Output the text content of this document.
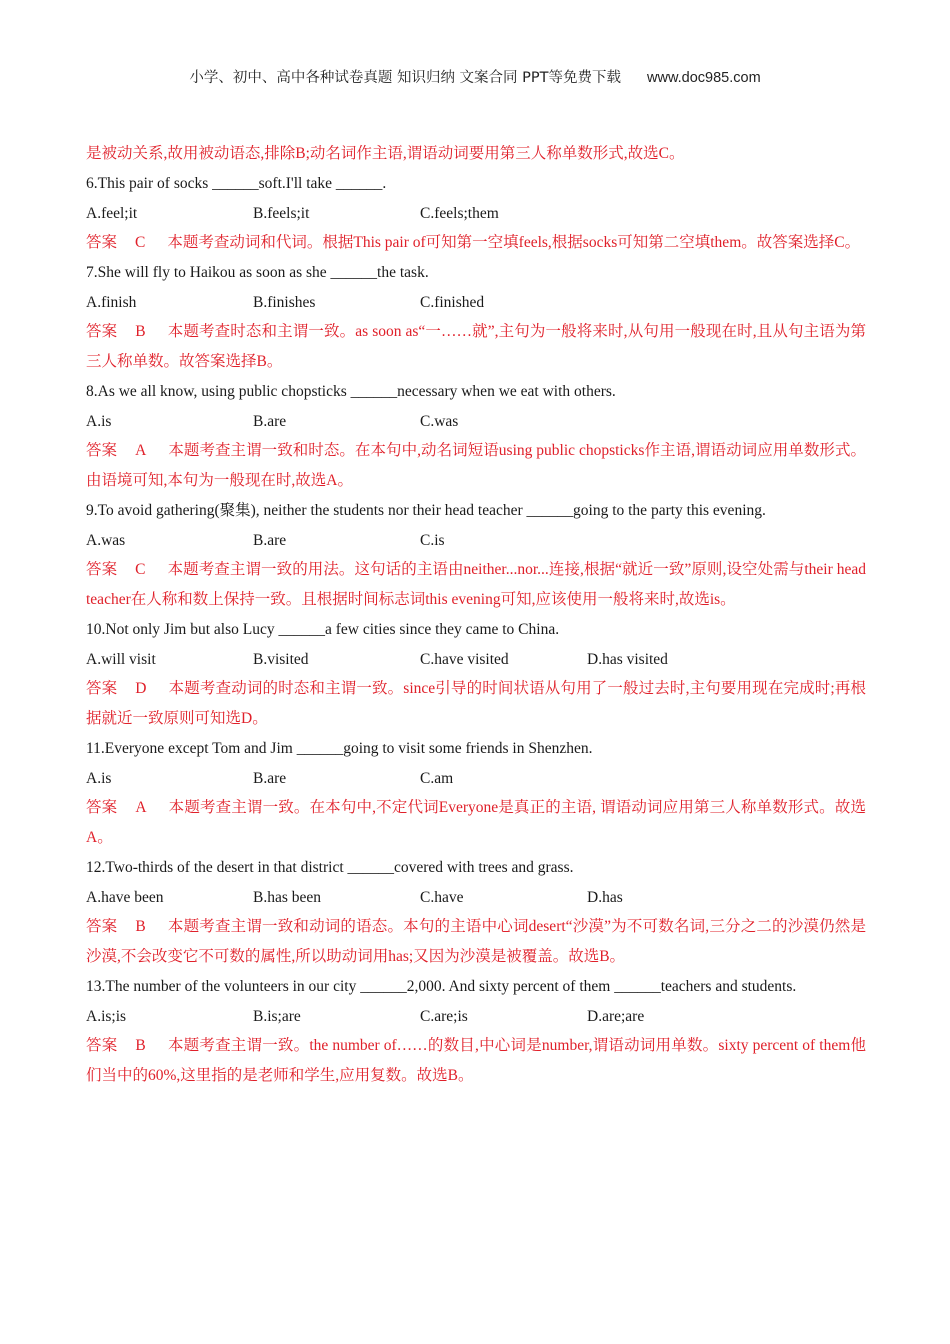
小学、初中、高中各种试卷真题 知识归纳 文案合同 PPT等免费下载 www.doc985.com
是被动关系,故用被动语态,排除B;动名词作主语,谓语动词要用第三人称单数形式,故选C。
6.This pair of socks ______soft.I'll take ______.
A.feel;it	B.feels;it	C.feels;them
答案 C 本题考查动词和代词。根据This pair of可知第一空填feels,根据socks可知第二空填them。故答案选择C。
7.She will fly to Haikou as soon as she ______the task.
A.finish	B.finishes	C.finished
答案 B 本题考查时态和主谓一致。as soon as“一……就”,主句为一般将来时,从句用一般现在时,且从句主语为第三人称单数。故答案选择B。
8.As we all know, using public chopsticks ______necessary when we eat with others.
A.is	B.are	C.was
答案 A 本题考查主谓一致和时态。在本句中,动名词短语using public chopsticks作主语,谓语动词应用单数形式。由语境可知,本句为一般现在时,故选A。
9.To avoid gathering(聚集), neither the students nor their head teacher ______going to the party this evening.
A.was	B.are	C.is
答案 C 本题考查主谓一致的用法。这句话的主语由neither...nor...连接,根据“就近一致”原则,设空处需与their head teacher在人称和数上保持一致。且根据时间标志词this evening可知,应该使用一般将来时,故选is。
10.Not only Jim but also Lucy ______a few cities since they came to China.
A.will visit	B.visited	C.have visited	D.has visited
答案 D 本题考查动词的时态和主谓一致。since引导的时间状语从句用了一般过去时,主句要用现在完成时;再根据就近一致原则可知选D。
11.Everyone except Tom and Jim ______going to visit some friends in Shenzhen.
A.is	B.are	C.am
答案 A 本题考查主谓一致。在本句中,不定代词Everyone是真正的主语, 谓语动词应用第三人称单数形式。故选A。
12.Two-thirds of the desert in that district ______covered with trees and grass.
A.have been	B.has been	C.have	D.has
答案 B 本题考查主谓一致和动词的语态。本句的主语中心词desert“沙漠”为不可数名词,三分之二的沙漠仍然是沙漠,不会改变它不可数的属性,所以助动词用has;又因为沙漠是被覆盖。故选B。
13.The number of the volunteers in our city ______2,000. And sixty percent of them ______teachers and students.
A.is;is	B.is;are	C.are;is	D.are;are
答案 B 本题考查主谓一致。the number of……的数目,中心词是number,谓语动词用单数。sixty percent of them他们当中的60%,这里指的是老师和学生,应用复数。故选B。
